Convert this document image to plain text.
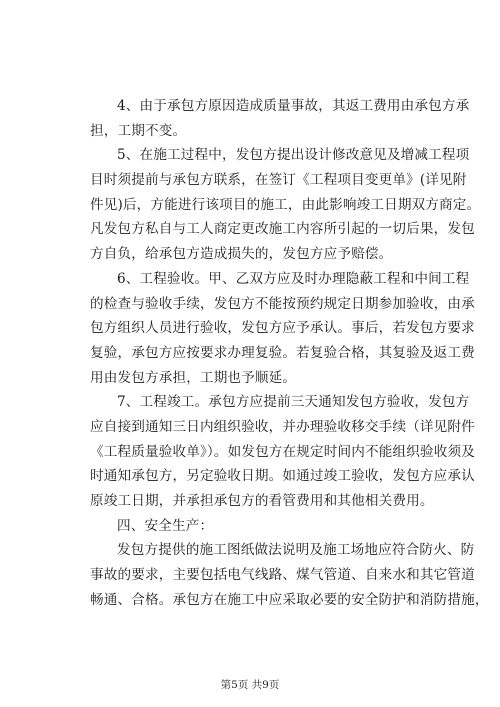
4、由于承包方原因造成质量事故，其返工费用由承包方承
担，工期不变。
5、在施工过程中，发包方提出设计修改意见及增减工程项
目时须提前与承包方联系，在签订《工程项目变更单》(详见附
件见)后，方能进行该项目的施工，由此影响竣工日期双方商定。
凡发包方私自与工人商定更改施工内容所引起的一切后果，发包
方自负，给承包方造成损失的，发包方应予赔偿。
6、工程验收。甲、乙双方应及时办理隐蔽工程和中间工程
的检查与验收手续，发包方不能按预约规定日期参加验收，由承
包方组织人员进行验收，发包方应予承认。事后，若发包方要求
复验，承包方应按要求办理复验。若复验合格，其复验及返工费
用由发包方承担，工期也予顺延。
7、工程竣工。承包方应提前三天通知发包方验收，发包方
应自接到通知三日内组织验收，并办理验收移交手续（详见附件
《工程质量验收单》）。如发包方在规定时间内不能组织验收须及
时通知承包方，另定验收日期。如通过竣工验收，发包方应承认
原竣工日期，并承担承包方的看管费用和其他相关费用。
四、安全生产：
发包方提供的施工图纸做法说明及施工场地应符合防火、防
事故的要求，主要包括电气线路、煤气管道、自来水和其它管道
畅通、合格。承包方在施工中应采取必要的安全防护和消防措施，
第5页 共9页
